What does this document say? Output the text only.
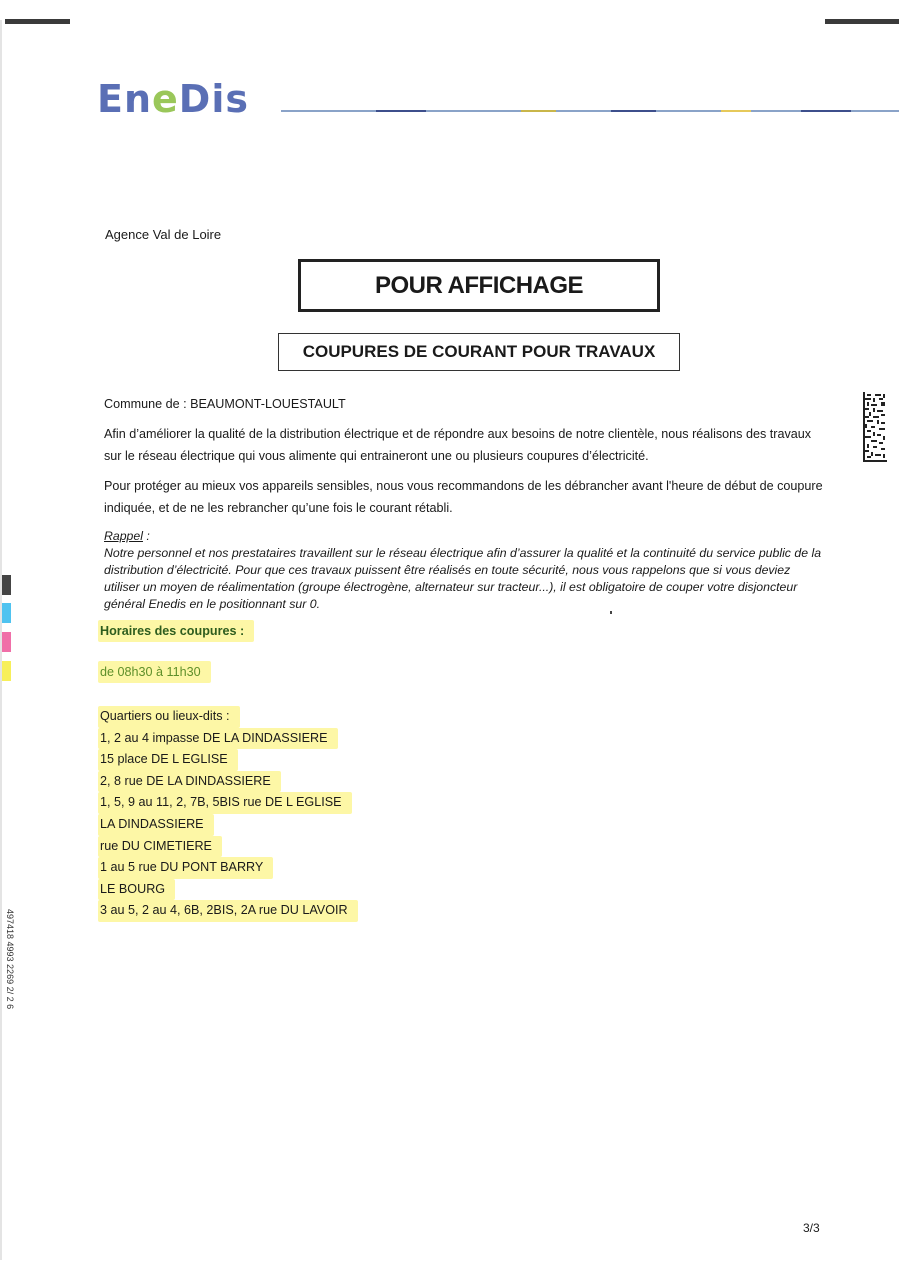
EneDis
Agence Val de Loire
POUR AFFICHAGE
COUPURES DE COURANT POUR TRAVAUX
Commune de : BEAUMONT-LOUESTAULT
Afin d’améliorer la qualité de la distribution électrique et de répondre aux besoins de notre clientèle, nous réalisons des travaux sur le réseau électrique qui vous alimente qui entraineront une ou plusieurs coupures d’électricité.
Pour protéger au mieux vos appareils sensibles, nous vous recommandons de les débrancher avant l'heure de début de coupure indiquée, et de ne les rebrancher qu’une fois le courant rétabli.
Rappel :
Notre personnel et nos prestataires travaillent sur le réseau électrique afin d’assurer la qualité et la continuité du service public de la distribution d’électricité. Pour que ces travaux puissent être réalisés en toute sécurité, nous vous rappelons que si vous deviez utiliser un moyen de réalimentation (groupe électrogène, alternateur sur tracteur...), il est obligatoire de couper votre disjoncteur général Enedis en le positionnant sur 0.
Horaires des coupures :
de 08h30 à 11h30
Quartiers ou lieux-dits :
1, 2 au 4 impasse DE LA DINDASSIERE
15 place DE L EGLISE
2, 8 rue DE LA DINDASSIERE
1, 5, 9 au 11, 2, 7B, 5BIS rue DE L EGLISE
LA DINDASSIERE
rue DU CIMETIERE
1 au 5 rue DU PONT BARRY
LE BOURG
3 au 5, 2 au 4, 6B, 2BIS, 2A rue DU LAVOIR
497418 4993 2269 2/ 2 6
3/3
